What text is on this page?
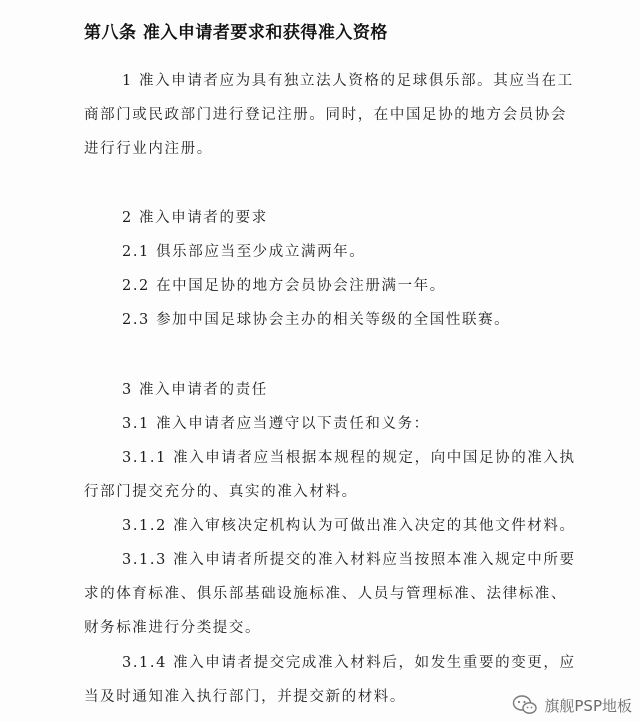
第八条 准入申请者要求和获得准入资格
1 准入申请者应为具有独立法人资格的足球俱乐部。其应当在工
商部门或民政部门进行登记注册。同时，在中国足协的地方会员协会
进行行业内注册。
2 准入申请者的要求
2.1 俱乐部应当至少成立满两年。
2.2 在中国足协的地方会员协会注册满一年。
2.3 参加中国足球协会主办的相关等级的全国性联赛。
3 准入申请者的责任
3.1 准入申请者应当遵守以下责任和义务：
3.1.1 准入申请者应当根据本规程的规定，向中国足协的准入执
行部门提交充分的、真实的准入材料。
3.1.2 准入审核决定机构认为可做出准入决定的其他文件材料。
3.1.3 准入申请者所提交的准入材料应当按照本准入规定中所要
求的体育标准、俱乐部基础设施标准、人员与管理标准、法律标准、
财务标准进行分类提交。
3.1.4 准入申请者提交完成准入材料后，如发生重要的变更，应
当及时通知准入执行部门，并提交新的材料。	旗舰PSP地板
